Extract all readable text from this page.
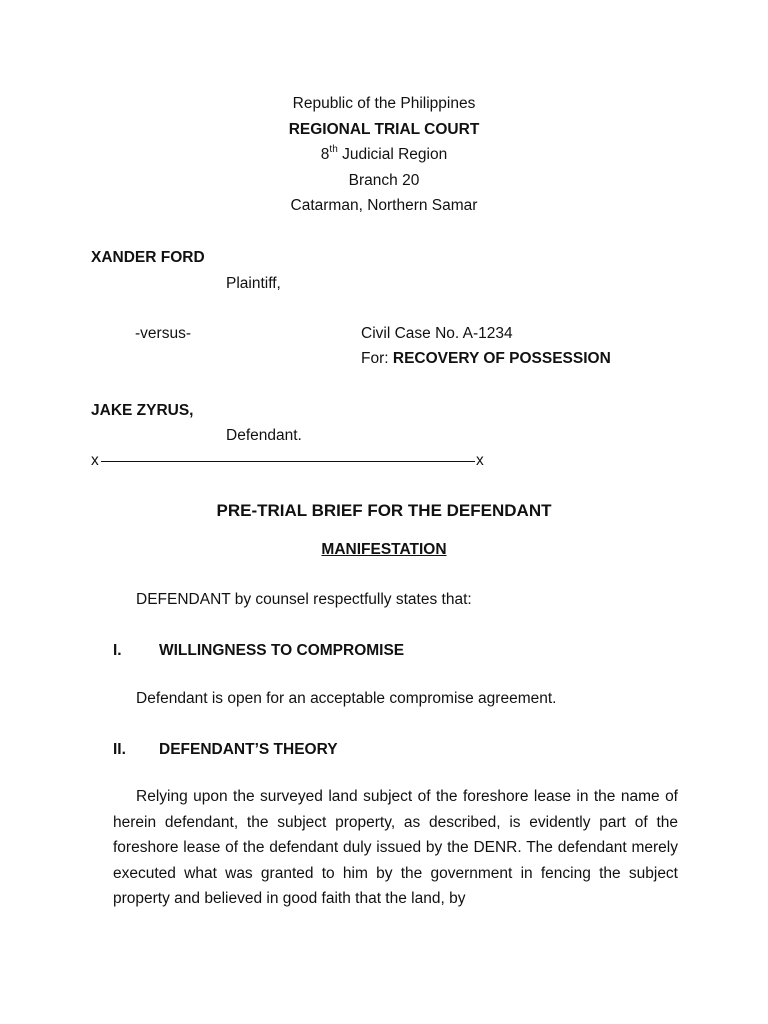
Republic of the Philippines
REGIONAL TRIAL COURT
8th Judicial Region
Branch 20
Catarman, Northern Samar
XANDER FORD
Plaintiff,
-versus-	Civil Case No. A-1234
For: RECOVERY OF POSSESSION
JAKE ZYRUS,
Defendant.
x	x
PRE-TRIAL BRIEF FOR THE DEFENDANT
MANIFESTATION
DEFENDANT by counsel respectfully states that:
I. WILLINGNESS TO COMPROMISE
Defendant is open for an acceptable compromise agreement.
II. DEFENDANT’S THEORY
Relying upon the surveyed land subject of the foreshore lease in the name of herein defendant, the subject property, as described, is evidently part of the foreshore lease of the defendant duly issued by the DENR. The defendant merely executed what was granted to him by the government in fencing the subject property and believed in good faith that the land, by
